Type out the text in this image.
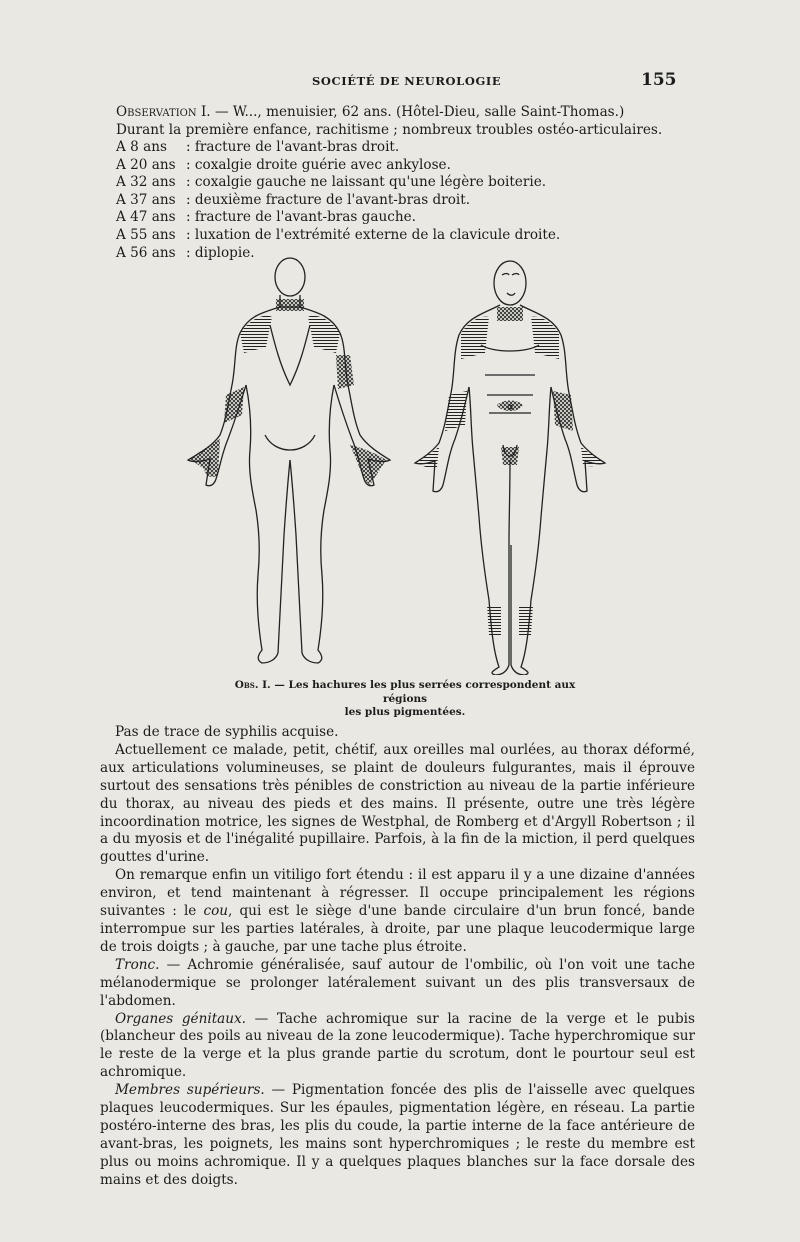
SOCIÉTÉ DE NEUROLOGIE	155
Observation I. — W..., menuisier, 62 ans. (Hôtel-Dieu, salle Saint-Thomas.)
Durant la première enfance, rachitisme ; nombreux troubles ostéo-articulaires.
A 8 ans : fracture de l'avant-bras droit.
A 20 ans : coxalgie droite guérie avec ankylose.
A 32 ans : coxalgie gauche ne laissant qu'une légère boiterie.
A 37 ans : deuxième fracture de l'avant-bras droit.
A 47 ans : fracture de l'avant-bras gauche.
A 55 ans : luxation de l'extrémité externe de la clavicule droite.
A 56 ans : diplopie.
Obs. I. — Les hachures les plus serrées correspondent aux régions
les plus pigmentées.

Pas de trace de syphilis acquise.

Actuellement ce malade, petit, chétif, aux oreilles mal ourlées, au thorax déformé, aux articulations volumineuses, se plaint de douleurs fulgurantes, mais il éprouve surtout des sensations très pénibles de constriction au niveau de la partie inférieure du thorax, au niveau des pieds et des mains. Il présente, outre une très légère incoordination motrice, les signes de Westphal, de Romberg et d'Argyll Robertson ; il a du myosis et de l'inégalité pupillaire. Parfois, à la fin de la miction, il perd quelques gouttes d'urine.

On remarque enfin un vitiligo fort étendu : il est apparu il y a une dizaine d'années environ, et tend maintenant à régresser. Il occupe principalement les régions suivantes : le cou, qui est le siège d'une bande circulaire d'un brun foncé, bande interrompue sur les parties latérales, à droite, par une plaque leucodermique large de trois doigts ; à gauche, par une tache plus étroite.

Tronc. — Achromie généralisée, sauf autour de l'ombilic, où l'on voit une tache mélanodermique se prolonger latéralement suivant un des plis transversaux de l'abdomen.

Organes génitaux. — Tache achromique sur la racine de la verge et le pubis (blancheur des poils au niveau de la zone leucodermique). Tache hyperchromique sur le reste de la verge et la plus grande partie du scrotum, dont le pourtour seul est achromique.

Membres supérieurs. — Pigmentation foncée des plis de l'aisselle avec quelques plaques leucodermiques. Sur les épaules, pigmentation légère, en réseau. La partie postéro-interne des bras, les plis du coude, la partie interne de la face antérieure de avant-bras, les poignets, les mains sont hyperchromiques ; le reste du membre est plus ou moins achromique. Il y a quelques plaques blanches sur la face dorsale des mains et des doigts.
